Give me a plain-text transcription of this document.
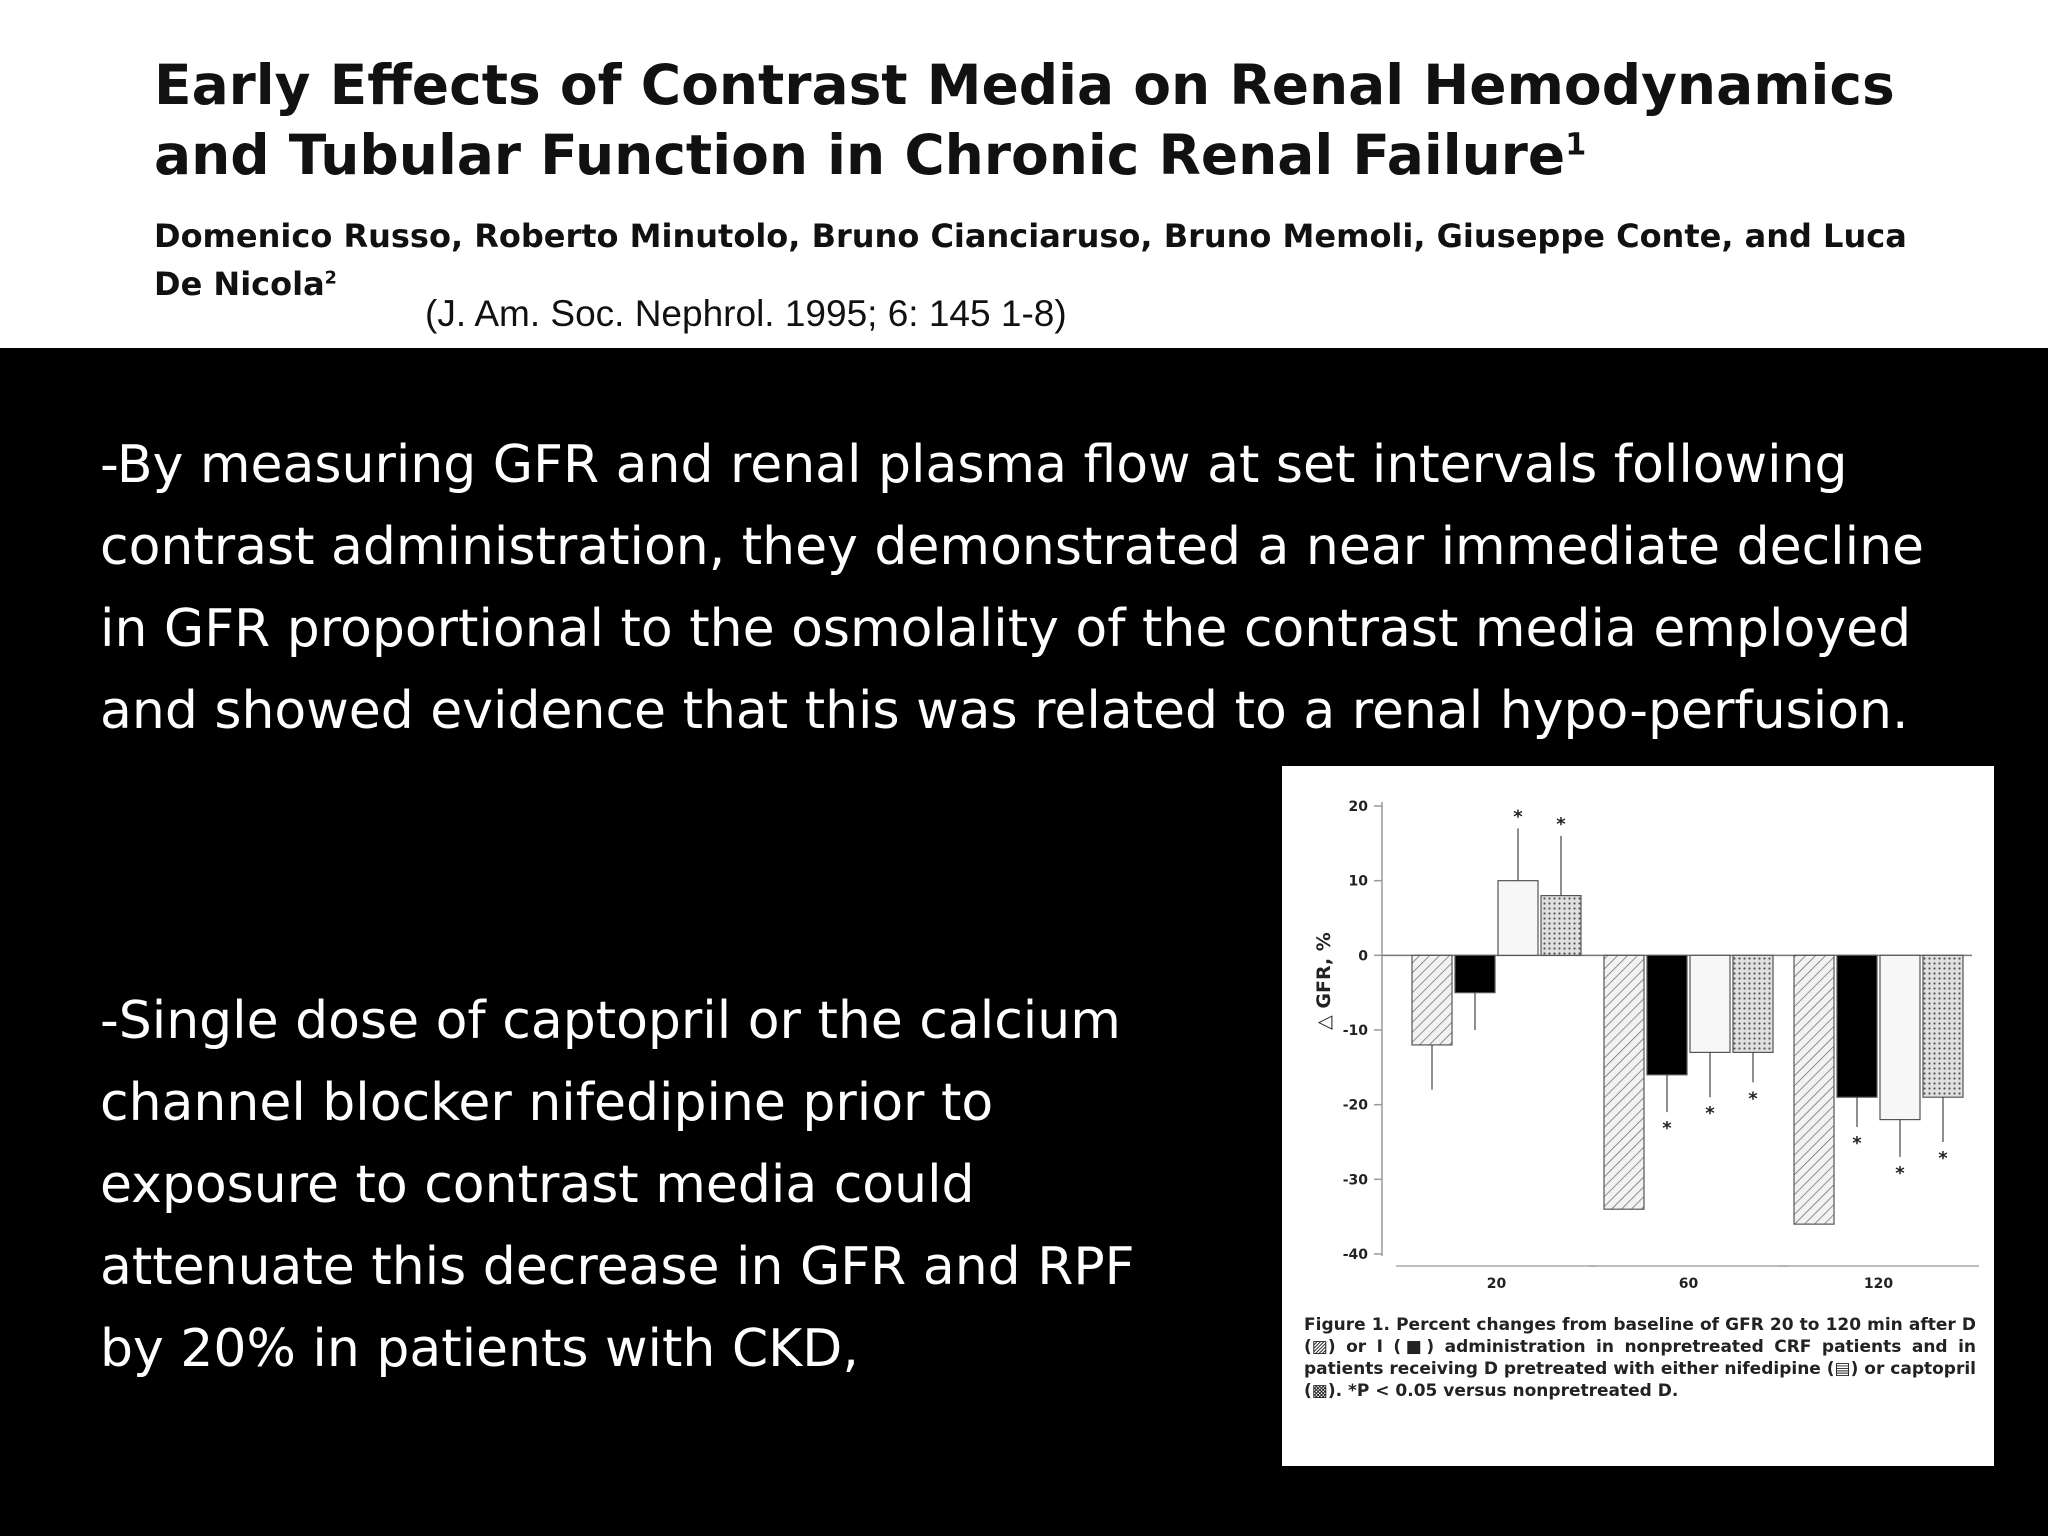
Early Effects of Contrast Media on Renal Hemodynamics
and Tubular Function in Chronic Renal Failure$^1$
Domenico Russo, Roberto Minutolo, Bruno Cianciaruso, Bruno Memoli, Giuseppe Conte, and Luca
De Nicola$^2$
(J. Am. Soc. Nephrol. 1995; 6: 145 1-8)
-By measuring GFR and renal plasma flow at set intervals following contrast administration, they demonstrated a near immediate decline in GFR proportional to the osmolality of the contrast media employed and showed evidence that this was related to a renal hypo-perfusion.
-Single dose of captopril or the calcium channel blocker nifedipine prior to exposure to contrast media could attenuate this decrease in GFR and RPF by 20% in patients with CKD,
20
10
0
-10
-20
-30
-40
* *
20
*
*
*
60
*
*
*
120
△ GFR, %
Figure 1. Percent changes from baseline of GFR 20 to 120 min after D (▨) or I (■) administration in nonpretreated CRF patients and in patients receiving D pretreated with either nifedipine (▤) or captopril (▩). *P < 0.05 versus nonpretreated D.
